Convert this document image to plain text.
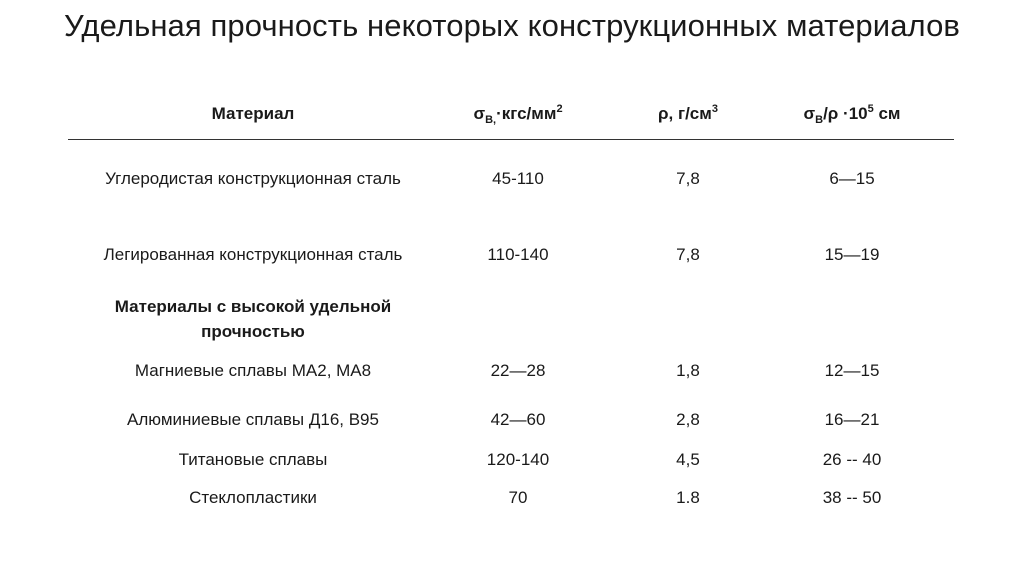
Удельная прочность некоторых конструкционных материалов
Материал	$\sigma_{В,}\cdot кгс/мм^2$	ρ, $г/см^3$	$\sigma_В/\rho \cdot 10^5$ см
Углеродистая конструкционная сталь	45-110	7,8	6—15
Легированная конструкционная сталь	110-140	7,8	15—19
Материалы с высокой удельной прочностью
Магниевые сплавы МА2, МА8	22—28	1,8	12—15
Алюминиевые сплавы Д16, В95	42—60	2,8	16—21
Титановые сплавы	120-140	4,5	26 -- 40
Стеклопластики	70	1.8	38 -- 50
